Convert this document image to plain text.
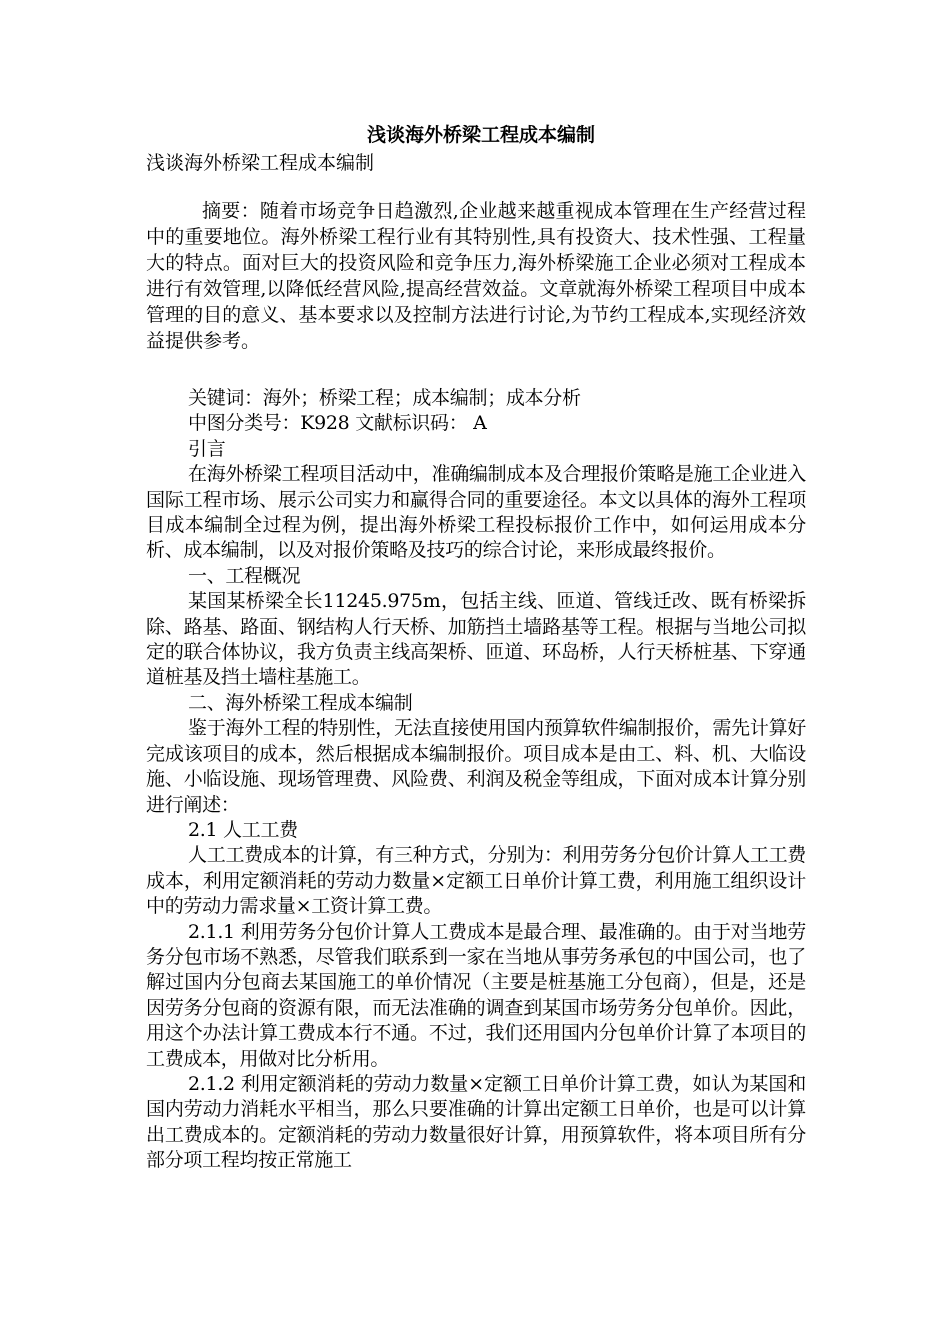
浅谈海外桥梁工程成本编制

浅谈海外桥梁工程成本编制

摘要：随着市场竞争日趋激烈,企业越来越重视成本管理在生产经营过程中的重要地位。海外桥梁工程行业有其特别性,具有投资大、技术性强、工程量大的特点。面对巨大的投资风险和竞争压力,海外桥梁施工企业必须对工程成本进行有效管理,以降低经营风险,提高经营效益。文章就海外桥梁工程项目中成本管理的目的意义、基本要求以及控制方法进行讨论,为节约工程成本,实现经济效益提供参考。

关键词：海外；桥梁工程；成本编制；成本分析

中图分类号：K928 文献标识码： A

引言

在海外桥梁工程项目活动中，准确编制成本及合理报价策略是施工企业进入国际工程市场、展示公司实力和赢得合同的重要途径。本文以具体的海外工程项目成本编制全过程为例，提出海外桥梁工程投标报价工作中，如何运用成本分析、成本编制，以及对报价策略及技巧的综合讨论，来形成最终报价。

一、工程概况

某国某桥梁全长11245.975m，包括主线、匝道、管线迁改、既有桥梁拆除、路基、路面、钢结构人行天桥、加筋挡土墙路基等工程。根据与当地公司拟定的联合体协议，我方负责主线高架桥、匝道、环岛桥，人行天桥桩基、下穿通道桩基及挡土墙柱基施工。

二、海外桥梁工程成本编制

鉴于海外工程的特别性，无法直接使用国内预算软件编制报价，需先计算好完成该项目的成本，然后根据成本编制报价。项目成本是由工、料、机、大临设施、小临设施、现场管理费、风险费、利润及税金等组成，下面对成本计算分别进行阐述：

2.1 人工工费

人工工费成本的计算，有三种方式，分别为：利用劳务分包价计算人工工费成本，利用定额消耗的劳动力数量×定额工日单价计算工费，利用施工组织设计中的劳动力需求量×工资计算工费。

2.1.1 利用劳务分包价计算人工费成本是最合理、最准确的。由于对当地劳务分包市场不熟悉，尽管我们联系到一家在当地从事劳务承包的中国公司，也了解过国内分包商去某国施工的单价情况（主要是桩基施工分包商），但是，还是因劳务分包商的资源有限，而无法准确的调查到某国市场劳务分包单价。因此，用这个办法计算工费成本行不通。不过，我们还用国内分包单价计算了本项目的工费成本，用做对比分析用。

2.1.2 利用定额消耗的劳动力数量×定额工日单价计算工费，如认为某国和国内劳动力消耗水平相当，那么只要准确的计算出定额工日单价，也是可以计算出工费成本的。定额消耗的劳动力数量很好计算，用预算软件，将本项目所有分部分项工程均按正常施工
